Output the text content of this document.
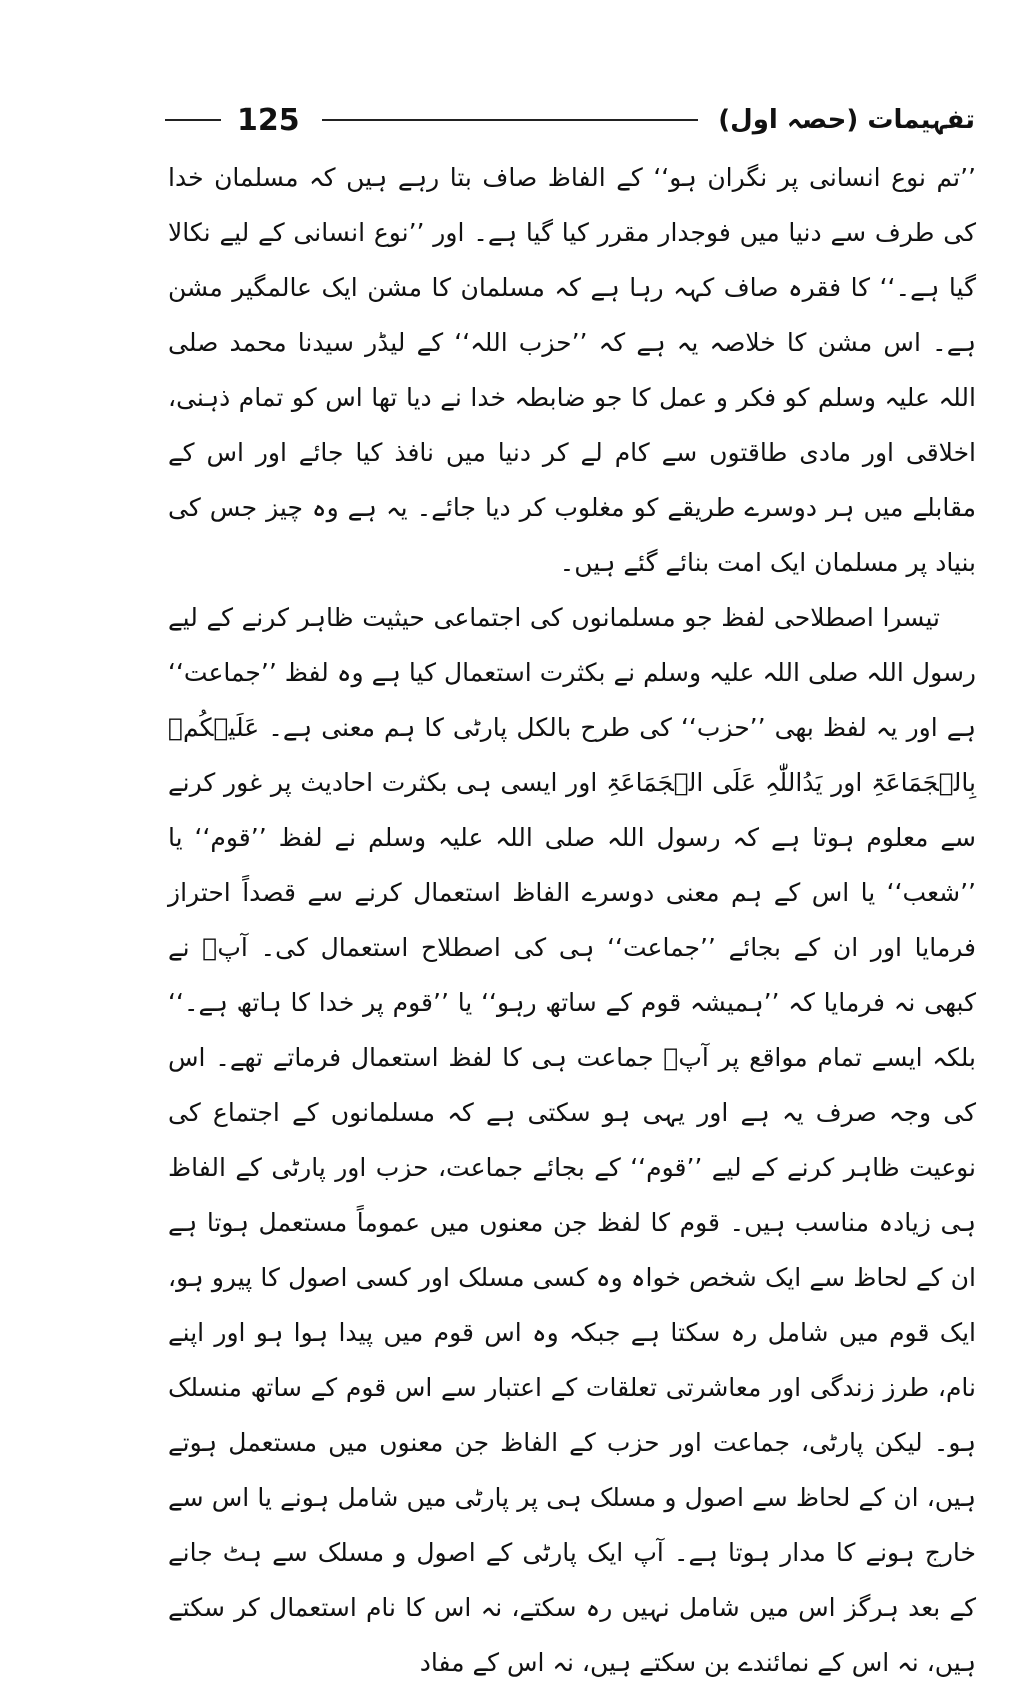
تفہیمات (حصہ اول)
125

’’تم نوع انسانی پر نگران ہو‘‘ کے الفاظ صاف بتا رہے ہیں کہ مسلمان خدا کی طرف سے دنیا میں فوجدار مقرر کیا گیا ہے۔ اور ’’نوع انسانی کے لیے نکالا گیا ہے۔‘‘ کا فقرہ صاف کہہ رہا ہے کہ مسلمان کا مشن ایک عالمگیر مشن ہے۔ اس مشن کا خلاصہ یہ ہے کہ ’’حزب اللہ‘‘ کے لیڈر سیدنا محمد صلی اللہ علیہ وسلم کو فکر و عمل کا جو ضابطہ خدا نے دیا تھا اس کو تمام ذہنی، اخلاقی اور مادی طاقتوں سے کام لے کر دنیا میں نافذ کیا جائے اور اس کے مقابلے میں ہر دوسرے طریقے کو مغلوب کر دیا جائے۔ یہ ہے وہ چیز جس کی بنیاد پر مسلمان ایک امت بنائے گئے ہیں۔

تیسرا اصطلاحی لفظ جو مسلمانوں کی اجتماعی حیثیت ظاہر کرنے کے لیے رسول اللہ صلی اللہ علیہ وسلم نے بکثرت استعمال کیا ہے وہ لفظ ’’جماعت‘‘ ہے اور یہ لفظ بھی ’’حزب‘‘ کی طرح بالکل پارٹی کا ہم معنی ہے۔ عَلَیۡکُمۡ بِالۡجَمَاعَۃِ اور یَدُاللّٰہِ عَلَی الۡجَمَاعَۃِ اور ایسی ہی بکثرت احادیث پر غور کرنے سے معلوم ہوتا ہے کہ رسول اللہ صلی اللہ علیہ وسلم نے لفظ ’’قوم‘‘ یا ’’شعب‘‘ یا اس کے ہم معنی دوسرے الفاظ استعمال کرنے سے قصداً احتراز فرمایا اور ان کے بجائے ’’جماعت‘‘ ہی کی اصطلاح استعمال کی۔ آپؐ نے کبھی نہ فرمایا کہ ’’ہمیشہ قوم کے ساتھ رہو‘‘ یا ’’قوم پر خدا کا ہاتھ ہے۔‘‘ بلکہ ایسے تمام مواقع پر آپؐ جماعت ہی کا لفظ استعمال فرماتے تھے۔ اس کی وجہ صرف یہ ہے اور یہی ہو سکتی ہے کہ مسلمانوں کے اجتماع کی نوعیت ظاہر کرنے کے لیے ’’قوم‘‘ کے بجائے جماعت، حزب اور پارٹی کے الفاظ ہی زیادہ مناسب ہیں۔ قوم کا لفظ جن معنوں میں عموماً مستعمل ہوتا ہے ان کے لحاظ سے ایک شخص خواہ وہ کسی مسلک اور کسی اصول کا پیرو ہو، ایک قوم میں شامل رہ سکتا ہے جبکہ وہ اس قوم میں پیدا ہوا ہو اور اپنے نام، طرز زندگی اور معاشرتی تعلقات کے اعتبار سے اس قوم کے ساتھ منسلک ہو۔ لیکن پارٹی، جماعت اور حزب کے الفاظ جن معنوں میں مستعمل ہوتے ہیں، ان کے لحاظ سے اصول و مسلک ہی پر پارٹی میں شامل ہونے یا اس سے خارج ہونے کا مدار ہوتا ہے۔ آپ ایک پارٹی کے اصول و مسلک سے ہٹ جانے کے بعد ہرگز اس میں شامل نہیں رہ سکتے، نہ اس کا نام استعمال کر سکتے ہیں، نہ اس کے نمائندے بن سکتے ہیں، نہ اس کے مفاد
